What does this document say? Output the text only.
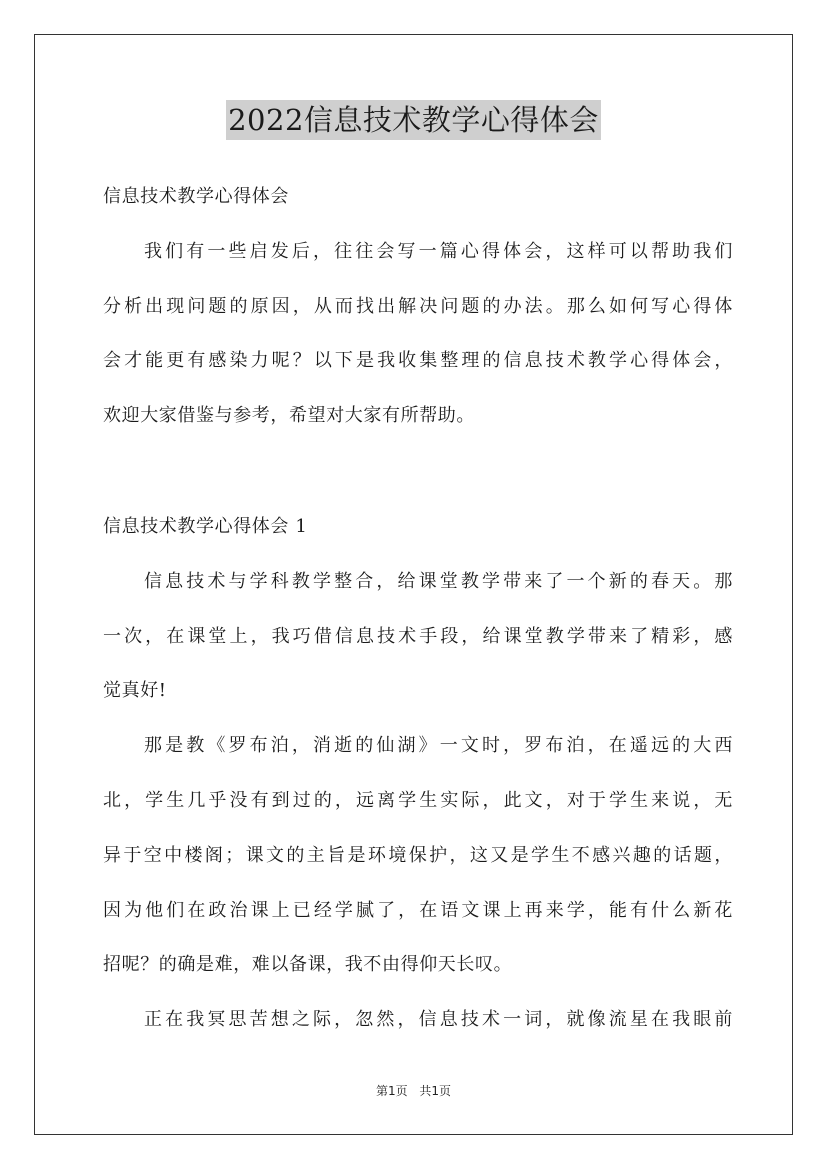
2022信息技术教学心得体会
信息技术教学心得体会
我们有一些启发后，往往会写一篇心得体会，这样可以帮助我们
分析出现问题的原因，从而找出解决问题的办法。那么如何写心得体
会才能更有感染力呢？以下是我收集整理的信息技术教学心得体会，
欢迎大家借鉴与参考，希望对大家有所帮助。
信息技术教学心得体会 1
信息技术与学科教学整合，给课堂教学带来了一个新的春天。那
一次，在课堂上，我巧借信息技术手段，给课堂教学带来了精彩，感
觉真好!
那是教《罗布泊，消逝的仙湖》一文时，罗布泊，在遥远的大西
北，学生几乎没有到过的，远离学生实际，此文，对于学生来说，无
异于空中楼阁；课文的主旨是环境保护，这又是学生不感兴趣的话题，
因为他们在政治课上已经学腻了，在语文课上再来学，能有什么新花
招呢？的确是难，难以备课，我不由得仰天长叹。
正在我冥思苦想之际，忽然，信息技术一词，就像流星在我眼前
第1页 共1页
